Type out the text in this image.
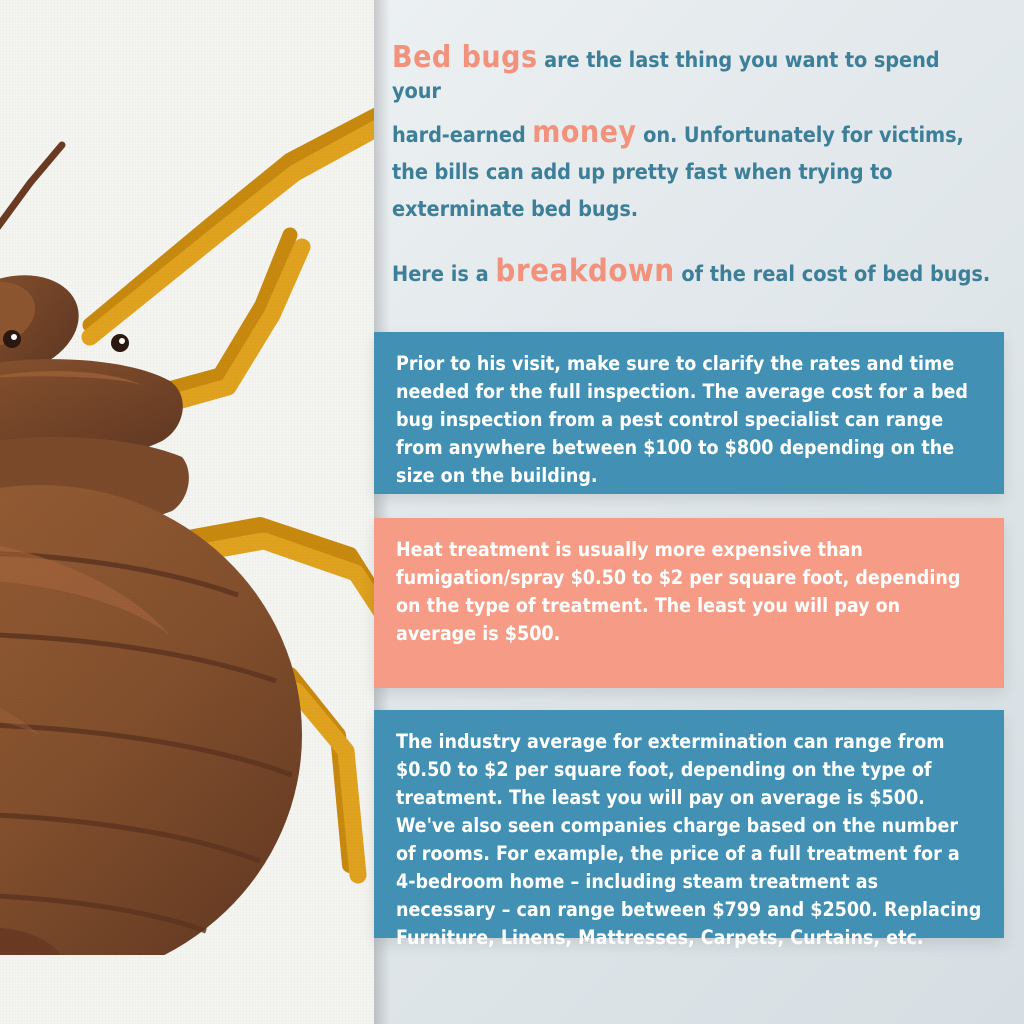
Bed bugs are the last thing you want to spend your

hard-earned money on. Unfortunately for victims,

the bills can add up pretty fast when trying to

exterminate bed bugs.

Here is a breakdown of the real cost of bed bugs.
Prior to his visit, make sure to clarify the rates and time needed for the full inspection. The average cost for a bed bug inspection from a pest control specialist can range from anywhere between $100 to $800 depending on the size on the building.
Heat treatment is usually more expensive than fumigation/spray $0.50 to $2 per square foot, depending on the type of treatment. The least you will pay on average is $500.
The industry average for extermination can range from $0.50 to $2 per square foot, depending on the type of treatment. The least you will pay on average is $500. We've also seen companies charge based on the number of rooms. For example, the price of a full treatment for a 4-bedroom home – including steam treatment as necessary – can range between $799 and $2500. Replacing Furniture, Linens, Mattresses, Carpets, Curtains, etc.
